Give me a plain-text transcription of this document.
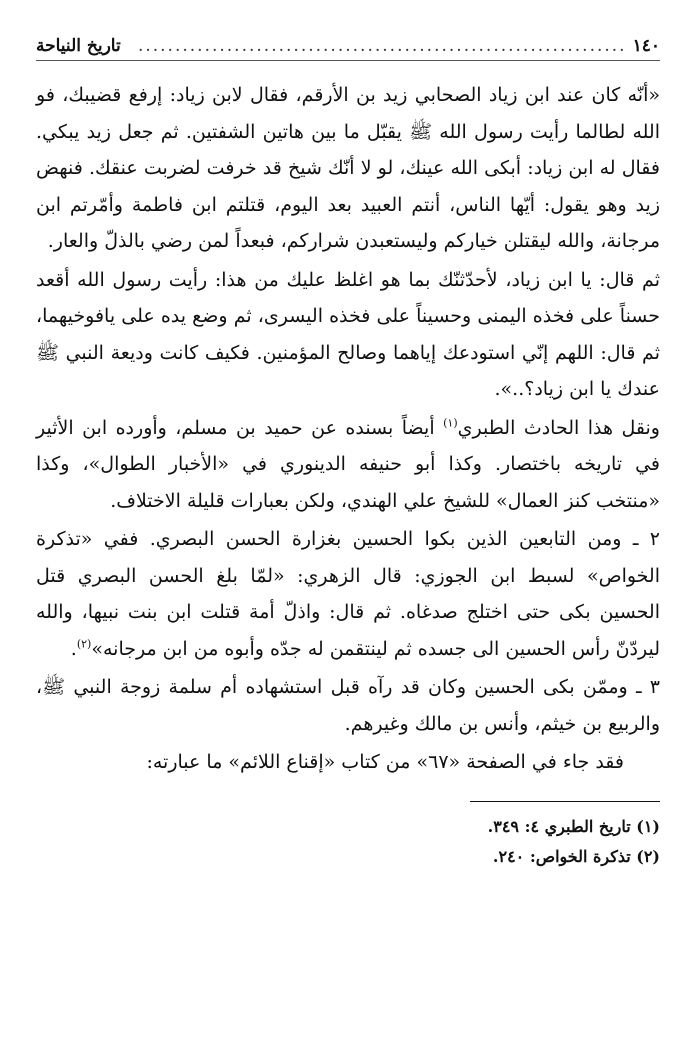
١٤٠
..................................................................
تاريخ النياحة

«أنّه كان عند ابن زياد الصحابي زيد بن الأرقم، فقال لابن زياد: إرفع قضيبك، فو الله لطالما رأيت رسول الله ﷺ يقبّل ما بين هاتين الشفتين. ثم جعل زيد يبكي. فقال له ابن زياد: أبكى الله عينك، لو لا أنّك شيخ قد خرفت لضربت عنقك. فنهض زيد وهو يقول: أيّها الناس، أنتم العبيد بعد اليوم، قتلتم ابن فاطمة وأمّرتم ابن مرجانة، والله ليقتلن خياركم وليستعبدن شراركم، فبعداً لمن رضي بالذلّ والعار.

ثم قال: يا ابن زياد، لأحدّثنّك بما هو اغلظ عليك من هذا: رأيت رسول الله أقعد حسناً على فخذه اليمنى وحسيناً على فخذه اليسرى، ثم وضع يده على يافوخيهما، ثم قال: اللهم إنّي استودعك إياهما وصالح المؤمنين. فكيف كانت وديعة النبي ﷺ عندك يا ابن زياد؟..».

ونقل هذا الحادث الطبري$^{(١)}$ أيضاً بسنده عن حميد بن مسلم، وأورده ابن الأثير في تاريخه باختصار. وكذا أبو حنيفه الدينوري في «الأخبار الطوال»، وكذا «منتخب كنز العمال» للشيخ علي الهندي، ولكن بعبارات قليلة الاختلاف.

٢ ـ ومن التابعين الذين بكوا الحسين بغزارة الحسن البصري. ففي «تذكرة الخواص» لسبط ابن الجوزي: قال الزهري: «لمّا بلغ الحسن البصري قتل الحسين بكى حتى اختلج صدغاه. ثم قال: واذلّ أمة قتلت ابن بنت نبيها، والله ليردّنّ رأس الحسين الى جسده ثم لينتقمن له جدّه وأبوه من ابن مرجانه»$^{(٢)}$.

٣ ـ وممّن بكى الحسين وكان قد رآه قبل استشهاده أم سلمة زوجة النبي ﷺ، والربيع بن خيثم، وأنس بن مالك وغيرهم.

فقد جاء في الصفحة «٦٧» من كتاب «إقناع اللائم» ما عبارته:

(١) تاريخ الطبري ٤: ٣٤٩.
(٢) تذكرة الخواص: ٢٤٠.
